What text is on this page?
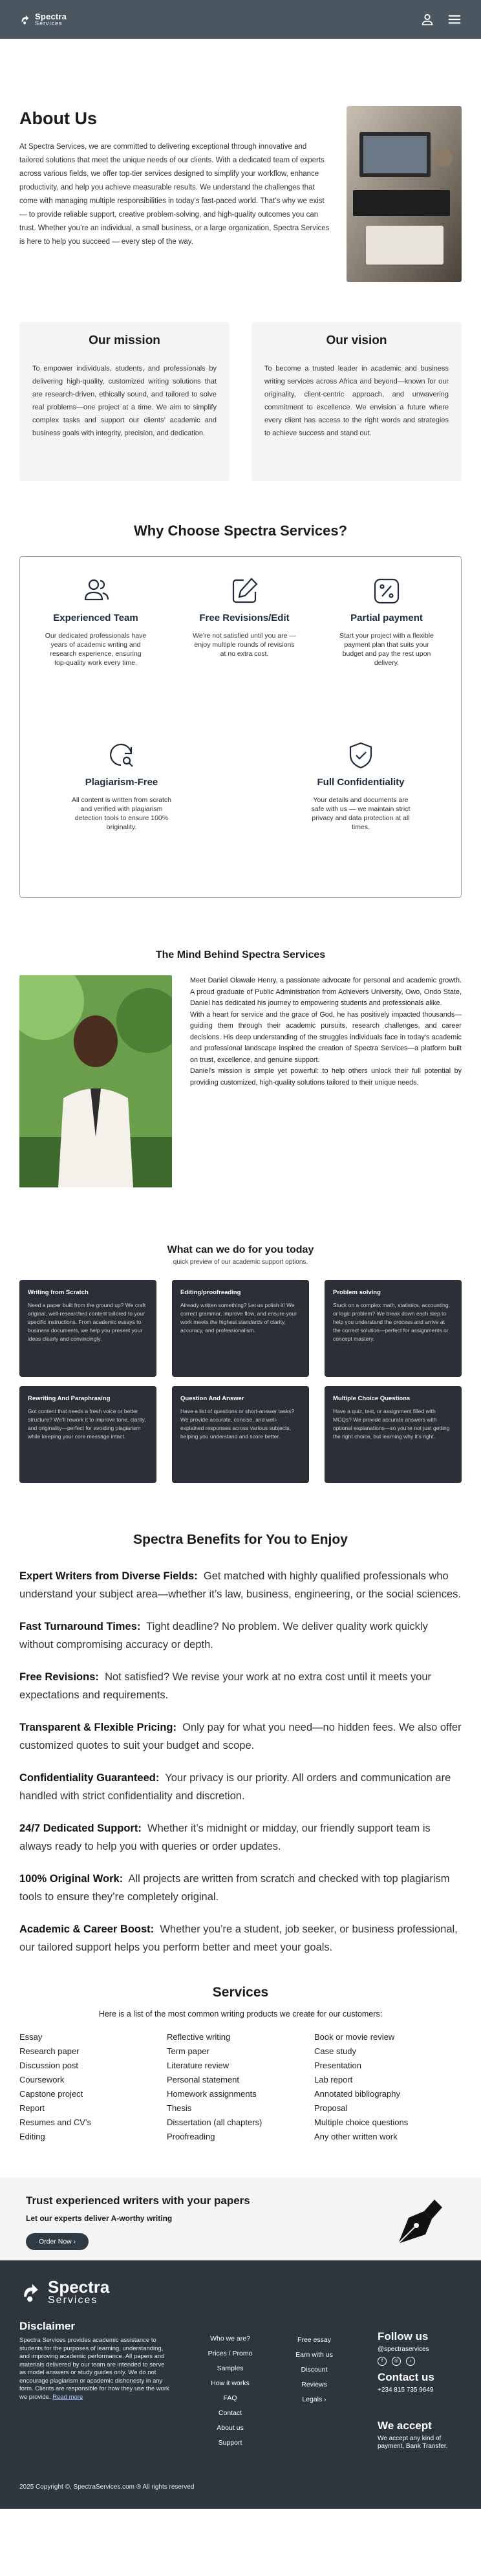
Spectra
Services
About Us

At Spectra Services, we are committed to delivering exceptional through innovative and tailored solutions that meet the unique needs of our clients. With a dedicated team of experts across various fields, we offer top-tier services designed to simplify your workflow, enhance productivity, and help you achieve measurable results. We understand the challenges that come with managing multiple responsibilities in today’s fast-paced world. That’s why we exist — to provide reliable support, creative problem-solving, and high-quality outcomes you can trust. Whether you’re an individual, a small business, or a large organization, Spectra Services is here to help you succeed — every step of the way.

Our mission

To empower individuals, students, and professionals by delivering high-quality, customized writing solutions that are research-driven, ethically sound, and tailored to solve real problems—one project at a time. We aim to simplify complex tasks and support our clients’ academic and business goals with integrity, precision, and dedication.

Our vision

To become a trusted leader in academic and business writing services across Africa and beyond—known for our originality, client-centric approach, and unwavering commitment to excellence. We envision a future where every client has access to the right words and strategies to achieve success and stand out.

Why Choose Spectra Services?
Experienced Team
Our dedicated professionals have years of academic writing and research experience, ensuring top-quality work every time.
Free Revisions/Edit
We’re not satisfied until you are — enjoy multiple rounds of revisions at no extra cost.
Partial payment
Start your project with a flexible payment plan that suits your budget and pay the rest upon delivery.
Plagiarism-Free
All content is written from scratch and verified with plagiarism detection tools to ensure 100% originality.
Full Confidentiality
Your details and documents are safe with us — we maintain strict privacy and data protection at all times.
The Mind Behind Spectra Services

Meet Daniel Olawale Henry, a passionate advocate for personal and academic growth. A proud graduate of Public Administration from Achievers University, Owo, Ondo State, Daniel has dedicated his journey to empowering students and professionals alike.

With a heart for service and the grace of God, he has positively impacted thousands—guiding them through their academic pursuits, research challenges, and career decisions. His deep understanding of the struggles individuals face in today’s academic and professional landscape inspired the creation of Spectra Services—a platform built on trust, excellence, and genuine support.

Daniel’s mission is simple yet powerful: to help others unlock their full potential by providing customized, high-quality solutions tailored to their unique needs.

What can we do for you today
quick preview of our academic support options.
Writing from Scratch
Need a paper built from the ground up? We craft original, well-researched content tailored to your specific instructions. From academic essays to business documents, we help you present your ideas clearly and convincingly.
Editing/proofreading
Already written something? Let us polish it! We correct grammar, improve flow, and ensure your work meets the highest standards of clarity, accuracy, and professionalism.
Problem solving
Stuck on a complex math, statistics, accounting, or logic problem? We break down each step to help you understand the process and arrive at the correct solution—perfect for assignments or concept mastery.
Rewriting And Paraphrasing
Got content that needs a fresh voice or better structure? We’ll rework it to improve tone, clarity, and originality—perfect for avoiding plagiarism while keeping your core message intact.
Question And Answer
Have a list of questions or short-answer tasks? We provide accurate, concise, and well-explained responses across various subjects, helping you understand and score better.
Multiple Choice Questions
Have a quiz, test, or assignment filled with MCQs? We provide accurate answers with optional explanations—so you’re not just getting the right choice, but learning why it’s right.
Spectra Benefits for You to Enjoy

Expert Writers from Diverse Fields: Get matched with highly qualified professionals who understand your subject area—whether it’s law, business, engineering, or the social sciences.

Fast Turnaround Times: Tight deadline? No problem. We deliver quality work quickly without compromising accuracy or depth.

Free Revisions: Not satisfied? We revise your work at no extra cost until it meets your expectations and requirements.

Transparent & Flexible Pricing: Only pay for what you need—no hidden fees. We also offer customized quotes to suit your budget and scope.

Confidentiality Guaranteed: Your privacy is our priority. All orders and communication are handled with strict confidentiality and discretion.

24/7 Dedicated Support: Whether it’s midnight or midday, our friendly support team is always ready to help you with queries or order updates.

100% Original Work: All projects are written from scratch and checked with top plagiarism tools to ensure they’re completely original.

Academic & Career Boost: Whether you’re a student, job seeker, or business professional, our tailored support helps you perform better and meet your goals.

Services
Here is a list of the most common writing products we create for our customers:
Essay
Research paper
Discussion post
Coursework
Capstone project
Report
Resumes and CV’s
Editing
Reflective writing
Term paper
Literature review
Personal statement
Homework assignments
Thesis
Dissertation (all chapters)
Proofreading
Book or movie review
Case study
Presentation
Lab report
Annotated bibliography
Proposal
Multiple choice questions
Any other written work
Trust experienced writers with your papers
Let our experts deliver A-worthy writing
Order Now ›
Spectra
Services
Disclaimer
Spectra Services provides academic assistance to students for the purposes of learning, understanding, and improving academic performance. All papers and materials delivered by our team are intended to serve as model answers or study guides only. We do not encourage plagiarism or academic dishonesty in any form. Clients are responsible for how they use the work we provide. Read more
Who we are?
Prices / Promo
Samples
How it works
FAQ
Contact
About us
Support
Free essay
Earn with us
Discount
Reviews
Legals ›
Follow us
@spectraservices
f	◎	♪
Contact us
+234 815 735 9649
We accept
We accept any kind of payment, Bank Transfer.
2025 Copyright ©, SpectraServices.com ® All rights reserved
